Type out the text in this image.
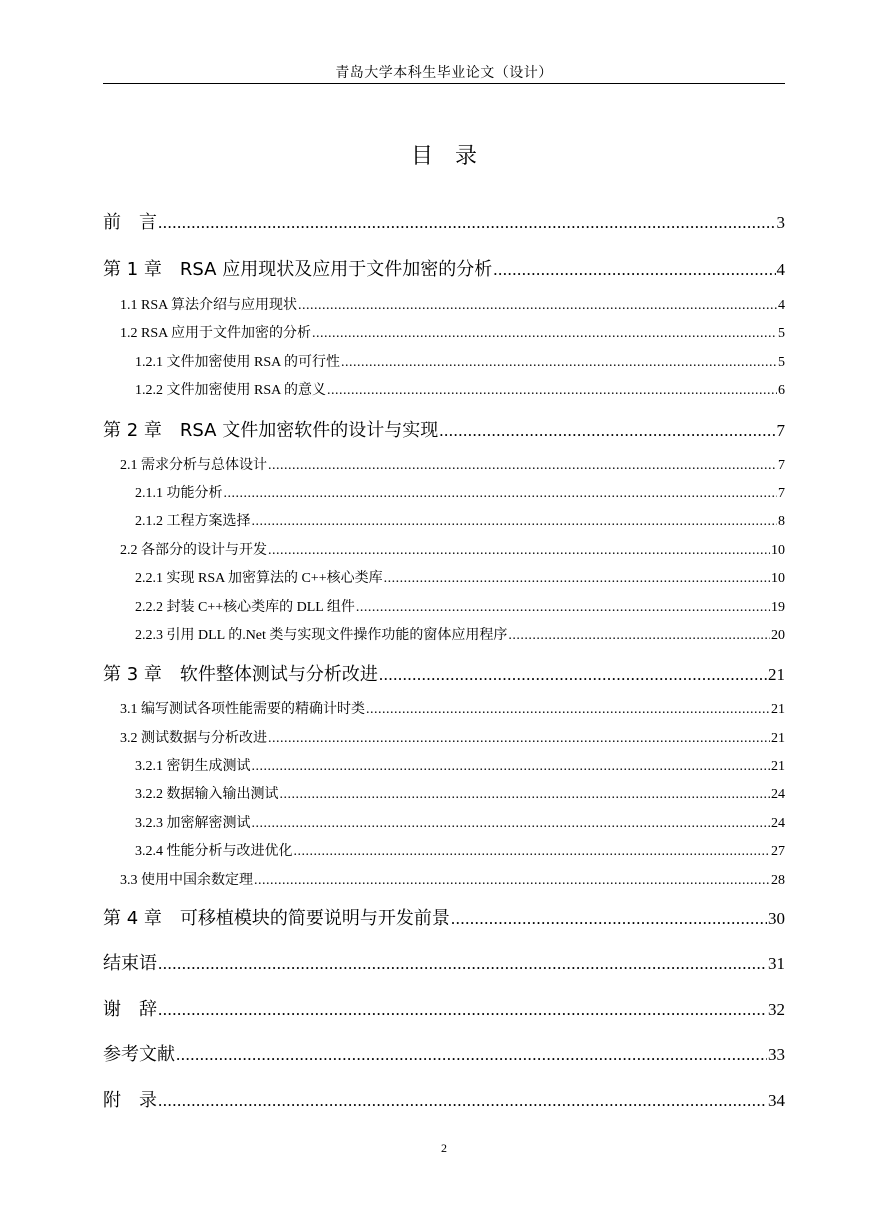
青岛大学本科生毕业论文（设计）
目　录
前　言 .....	3
第 1 章　RSA 应用现状及应用于文件加密的分析 .....	4
1.1 RSA 算法介绍与应用现状 .....	4
1.2 RSA 应用于文件加密的分析 .....	5
1.2.1 文件加密使用 RSA 的可行性 .....	5
1.2.2 文件加密使用 RSA 的意义 .....	6
第 2 章　RSA 文件加密软件的设计与实现 .....	7
2.1 需求分析与总体设计 .....	7
2.1.1 功能分析 .....	7
2.1.2 工程方案选择 .....	8
2.2 各部分的设计与开发 .....	10
2.2.1 实现 RSA 加密算法的 C++核心类库 .....	10
2.2.2 封装 C++核心类库的 DLL 组件 .....	19
2.2.3 引用 DLL 的.Net 类与实现文件操作功能的窗体应用程序 .....	20
第 3 章　软件整体测试与分析改进 .....	21
3.1 编写测试各项性能需要的精确计时类 .....	21
3.2 测试数据与分析改进 .....	21
3.2.1 密钥生成测试 .....	21
3.2.2 数据输入输出测试 .....	24
3.2.3 加密解密测试 .....	24
3.2.4 性能分析与改进优化 .....	27
3.3 使用中国余数定理 .....	28
第 4 章　可移植模块的简要说明与开发前景 .....	30
结束语 .....	31
谢　辞 .....	32
参考文献 .....	33
附　录 .....	34
2
